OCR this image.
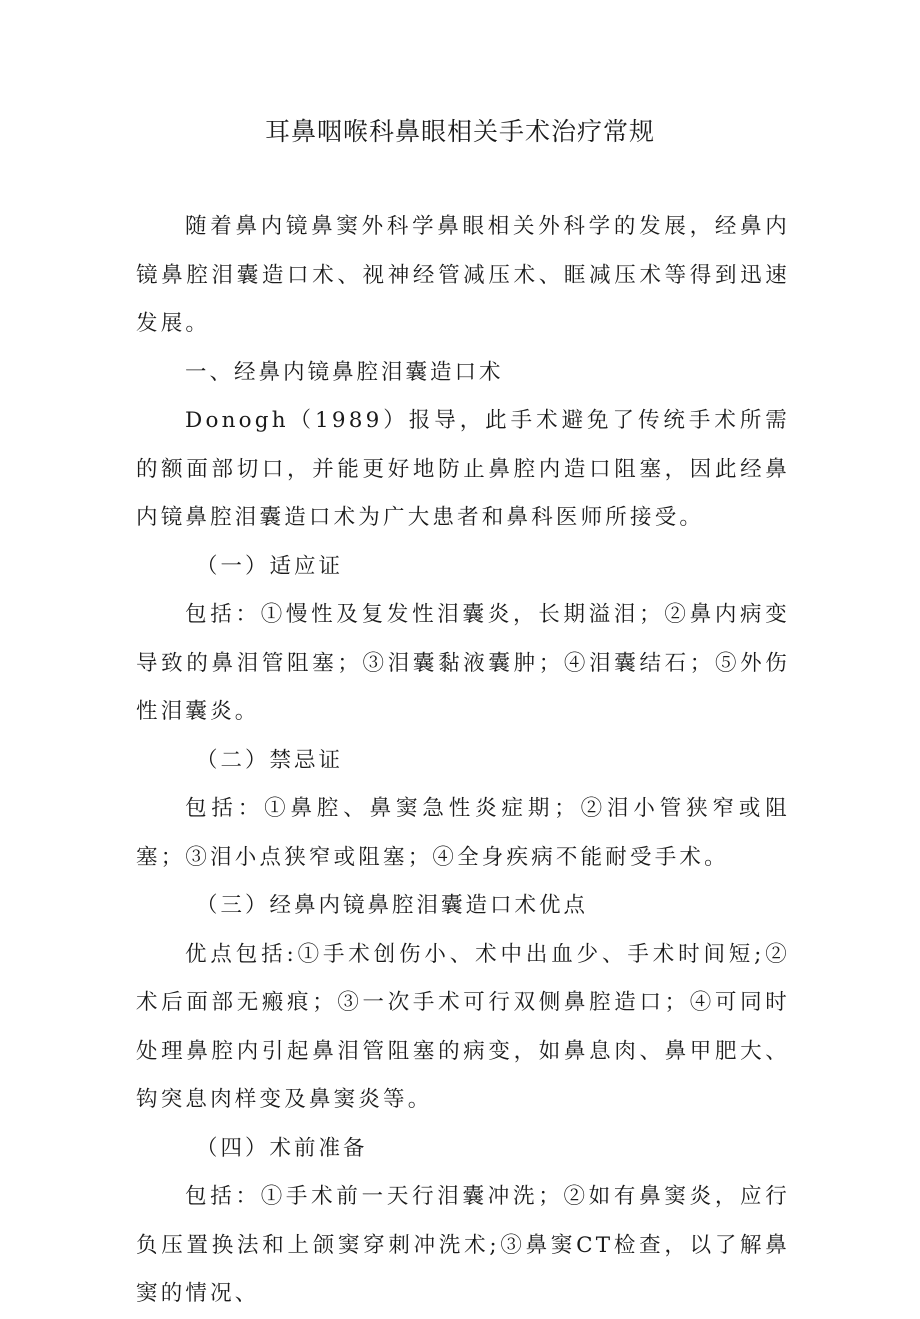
耳鼻咽喉科鼻眼相关手术治疗常规

随着鼻内镜鼻窦外科学鼻眼相关外科学的发展，经鼻内镜鼻腔泪囊造口术、视神经管减压术、眶减压术等得到迅速发展。

一、经鼻内镜鼻腔泪囊造口术

Donogh（1989）报导，此手术避免了传统手术所需的额面部切口，并能更好地防止鼻腔内造口阻塞，因此经鼻内镜鼻腔泪囊造口术为广大患者和鼻科医师所接受。

（一）适应证

包括：①慢性及复发性泪囊炎，长期溢泪；②鼻内病变导致的鼻泪管阻塞；③泪囊黏液囊肿；④泪囊结石；⑤外伤性泪囊炎。

（二）禁忌证

包括：①鼻腔、鼻窦急性炎症期；②泪小管狭窄或阻塞；③泪小点狭窄或阻塞；④全身疾病不能耐受手术。

（三）经鼻内镜鼻腔泪囊造口术优点

优点包括:①手术创伤小、术中出血少、手术时间短;②术后面部无瘢痕；③一次手术可行双侧鼻腔造口；④可同时处理鼻腔内引起鼻泪管阻塞的病变，如鼻息肉、鼻甲肥大、钩突息肉样变及鼻窦炎等。

（四）术前准备

包括：①手术前一天行泪囊冲洗；②如有鼻窦炎，应行负压置换法和上颌窦穿刺冲洗术;③鼻窦CT检查，以了解鼻窦的情况、
